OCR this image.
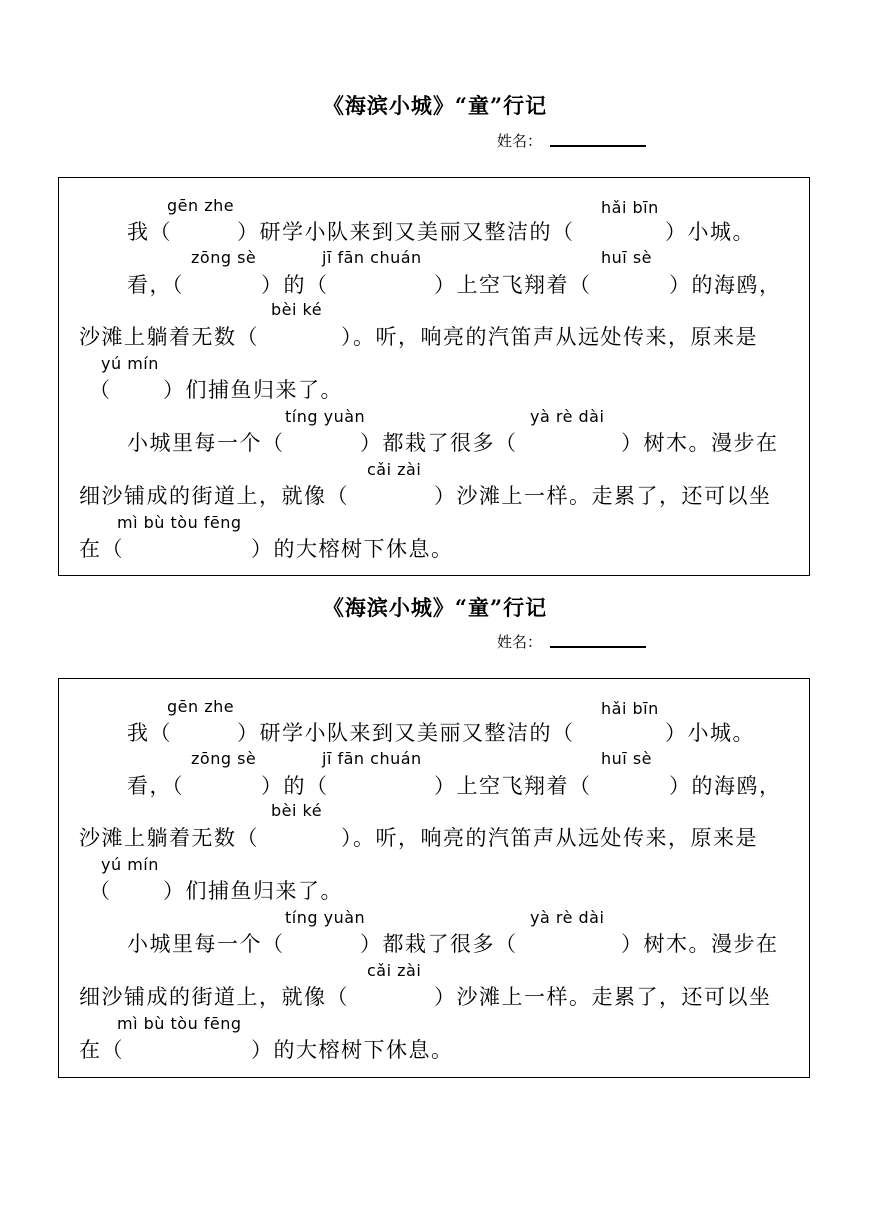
《海滨小城》“童”行记
姓名：
gēn zhe	hǎi bīn
我（	）研学小队来到又美丽又整洁的（	）小城。
zōng sè	jī fān chuán	huī sè
看，（	）的（	）上空飞翔着（	）的海鸥，
bèi ké
沙滩上躺着无数（	）。听，响亮的汽笛声从远处传来，原来是
yú mín
（ ）们捕鱼归来了。
tíng yuàn	yà rè dài
小城里每一个（	）都栽了很多（	）树木。漫步在
cǎi zài
细沙铺成的街道上，就像（	）沙滩上一样。走累了，还可以坐
mì bù tòu fēng
在（	）的大榕树下休息。
《海滨小城》“童”行记
姓名：
gēn zhe	hǎi bīn
我（	）研学小队来到又美丽又整洁的（	）小城。
zōng sè	jī fān chuán	huī sè
看，（	）的（	）上空飞翔着（	）的海鸥，
bèi ké
沙滩上躺着无数（	）。听，响亮的汽笛声从远处传来，原来是
yú mín
（ ）们捕鱼归来了。
tíng yuàn	yà rè dài
小城里每一个（	）都栽了很多（	）树木。漫步在
cǎi zài
细沙铺成的街道上，就像（	）沙滩上一样。走累了，还可以坐
mì bù tòu fēng
在（	）的大榕树下休息。
